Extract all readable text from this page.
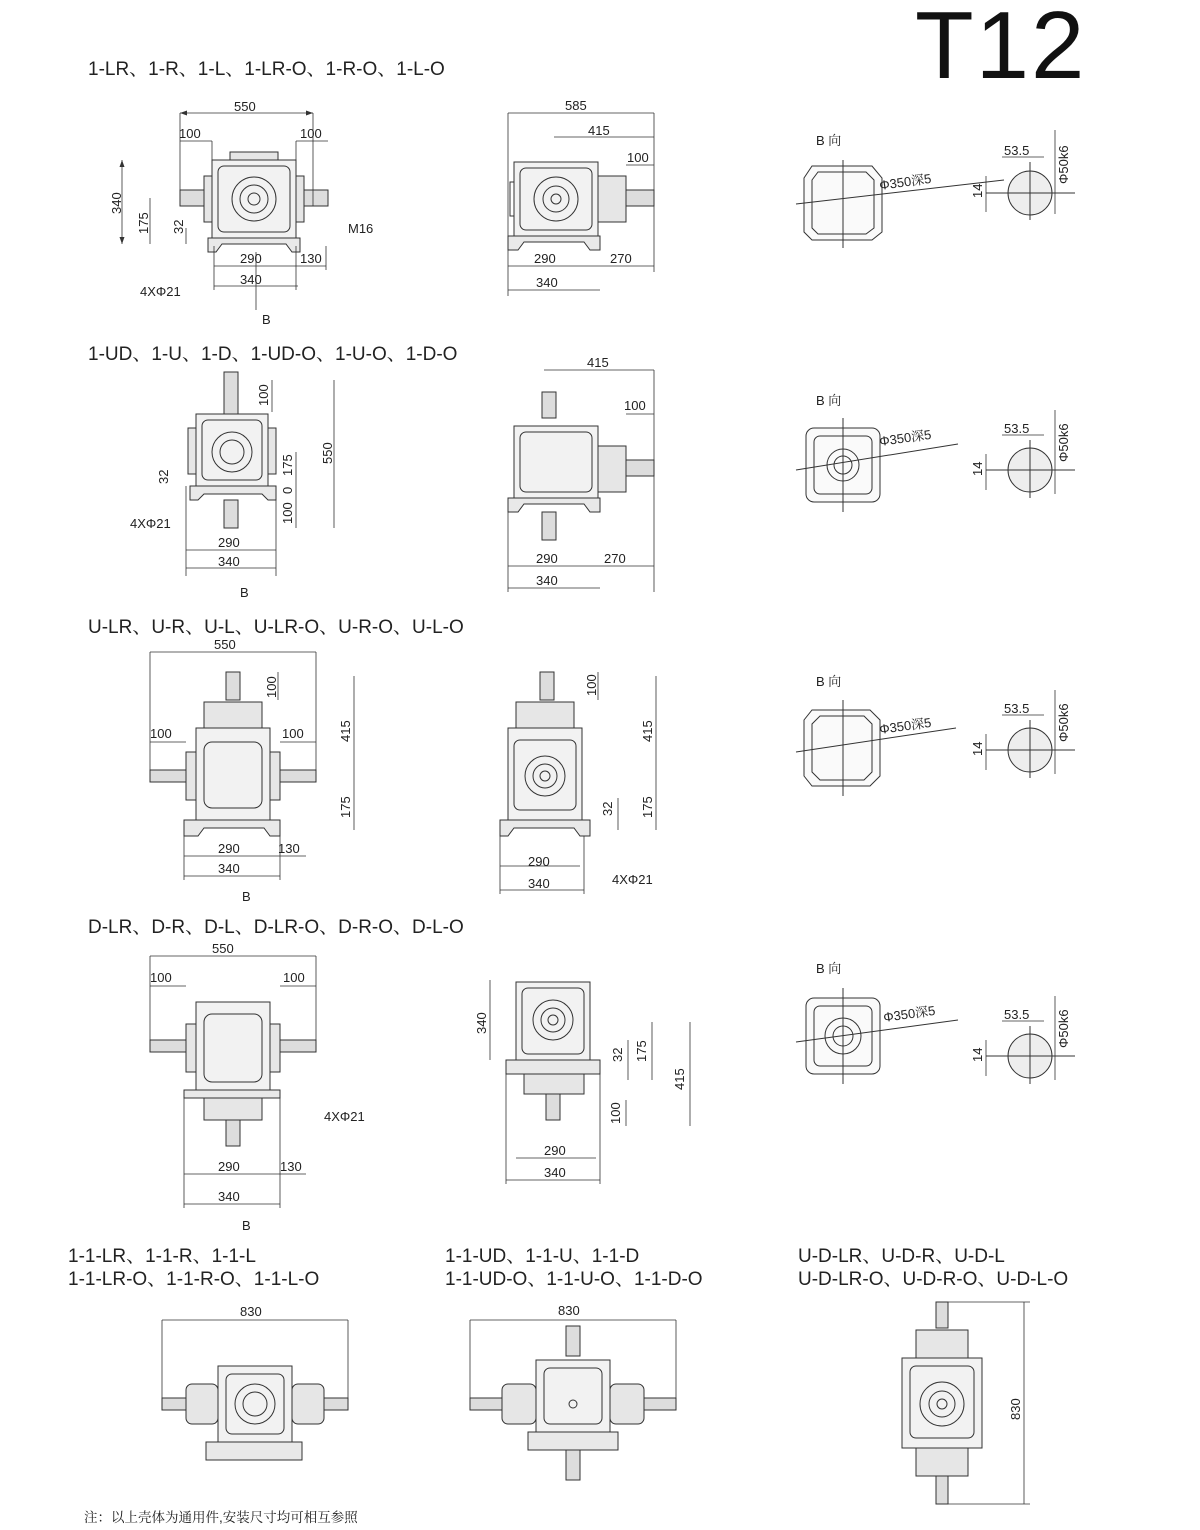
T12
1-LR、1-R、1-L、1-LR-O、1-R-O、1-L-O
1-UD、1-U、1-D、1-UD-O、1-U-O、1-D-O
U-LR、U-R、U-L、U-LR-O、U-R-O、U-L-O
D-LR、D-R、D-L、D-LR-O、D-R-O、D-L-O
1-1-LR、1-1-R、1-1-L
1-1-LR-O、1-1-R-O、1-1-L-O
1-1-UD、1-1-U、1-1-D
1-1-UD-O、1-1-U-O、1-1-D-O
U-D-LR、U-D-R、U-D-L
U-D-LR-O、U-D-R-O、U-D-L-O
注：以上壳体为通用件,安装尺寸均可相互参照
550
100	100
340
175 32
290	130
340
4XΦ21
M16
B
585
415
100
290	270
340
B 向
Φ350深5
53.5
14
Φ50k6
100
550
175
0
100
32
4XΦ21
290
340
B
415
100
290	270
340
B 向
Φ350深5	53.5
14
Φ50k6
550
100	100
100
415
175
290	130
340
B
100
415
32 175
290
340	4XΦ21
B 向
Φ350深5
53.5
14
Φ50k6
550
100	100
4XΦ21
290	130
340
B
340
32 175
415
100
290
340
B 向
Φ350深5	53.5
14
Φ50k6
830	830
830
